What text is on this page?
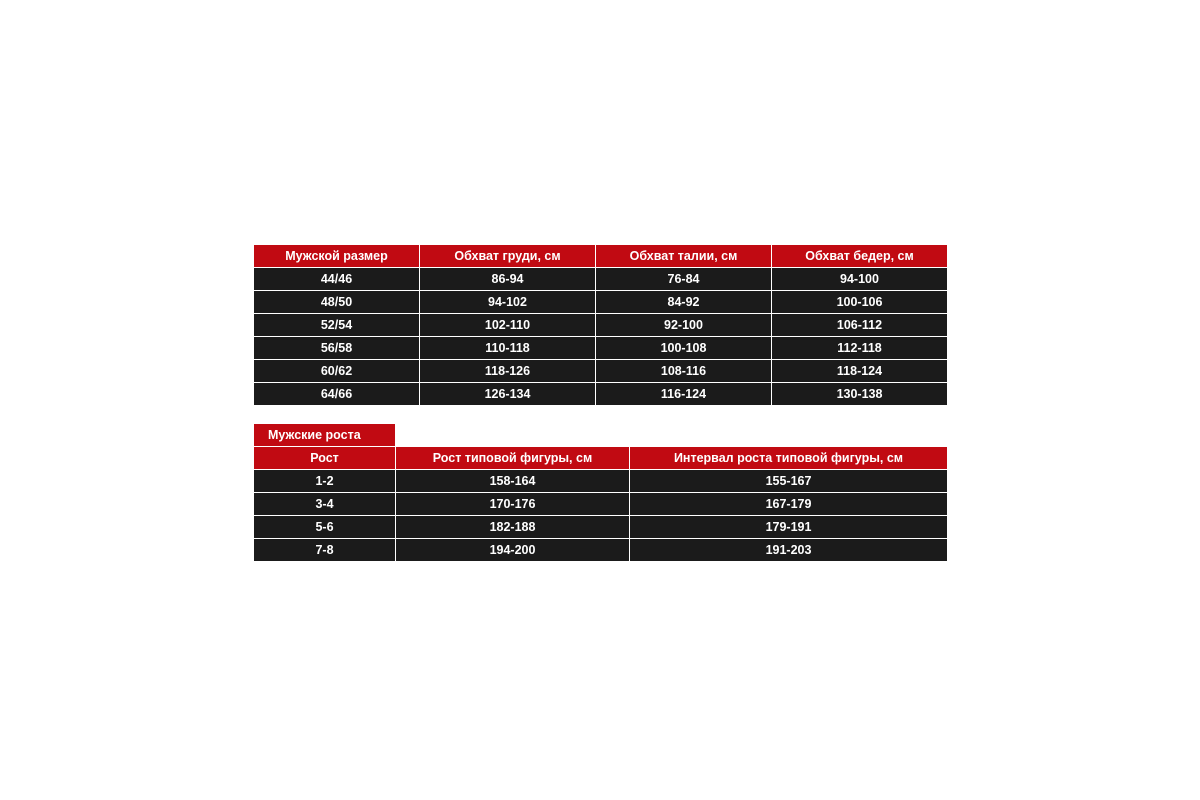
Мужской размер	Обхват груди, см	Обхват талии, см	Обхват бедер, см
44/46	86-94	76-84	94-100
48/50	94-102	84-92	100-106
52/54	102-110	92-100	106-112
56/58	110-118	100-108	112-118
60/62	118-126	108-116	118-124
64/66	126-134	116-124	130-138
Мужские роста		
Рост	Рост типовой фигуры, см	Интервал роста типовой фигуры, см
1-2	158-164	155-167
3-4	170-176	167-179
5-6	182-188	179-191
7-8	194-200	191-203
